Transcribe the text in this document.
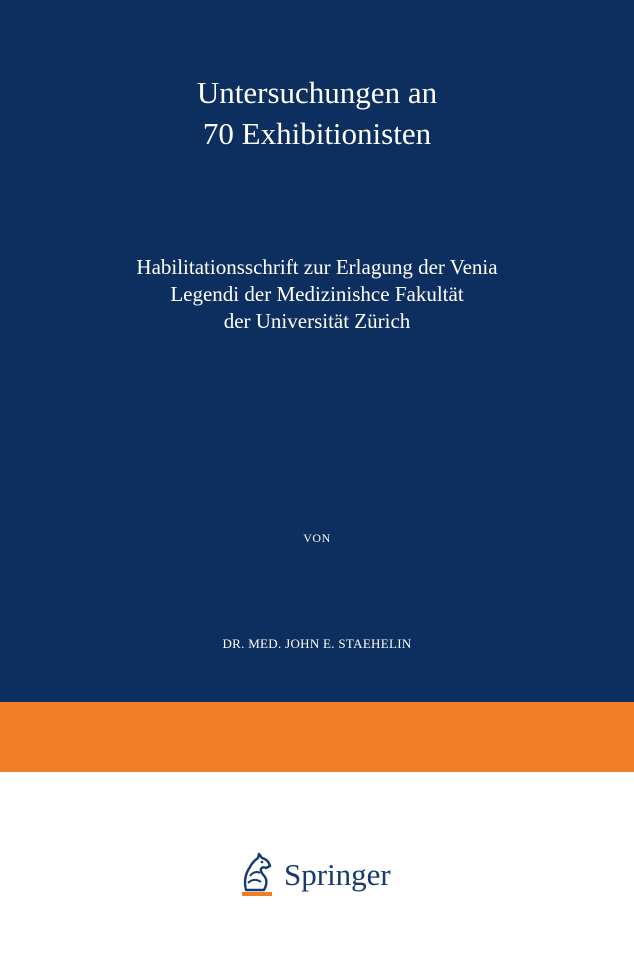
Untersuchungen an
70 Exhibitionisten
Habilitationsschrift zur Erlagung der Venia
Legendi der Medizinishce Fakultät
der Universität Zürich
VON
DR. MED. JOHN E. STAEHELIN
Springer
